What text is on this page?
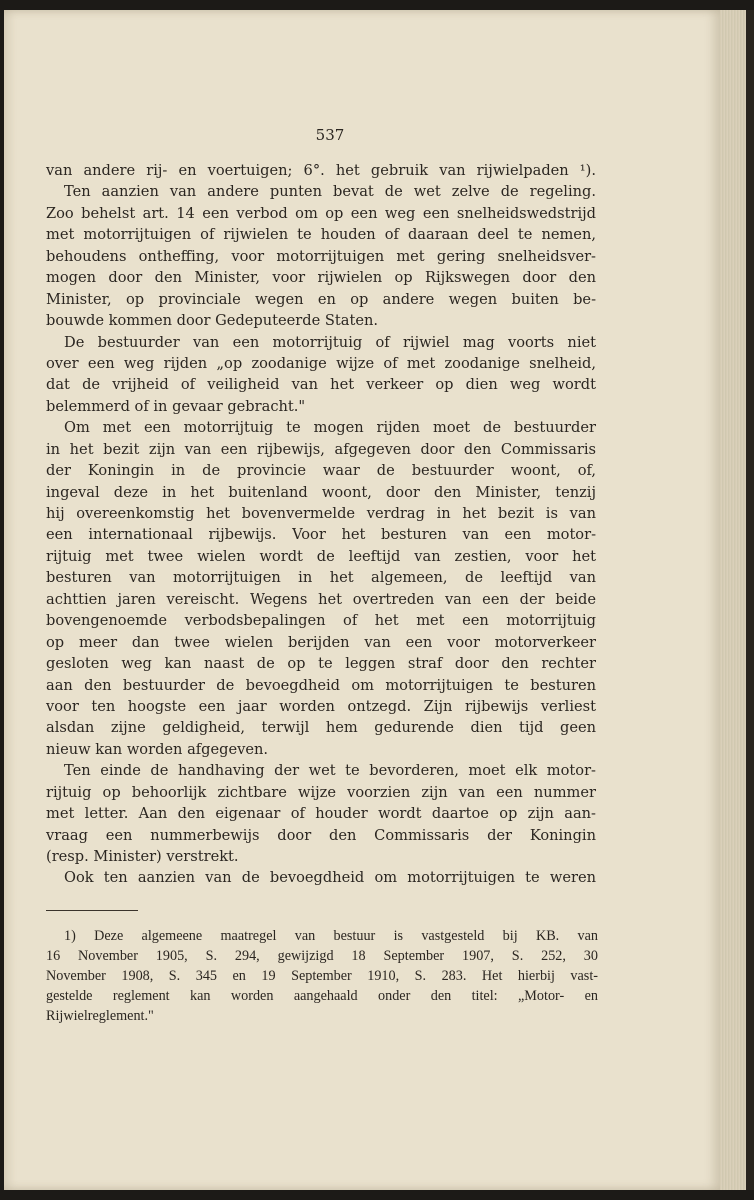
537
van andere rij- en voertuigen; 6°. het gebruik van rijwielpaden ¹).
Ten aanzien van andere punten bevat de wet zelve de regeling.
Zoo behelst art. 14 een verbod om op een weg een snelheidswedstrijd
met motorrijtuigen of rijwielen te houden of daaraan deel te nemen,
behoudens ontheffing, voor motorrijtuigen met gering snelheidsver-
mogen door den Minister, voor rijwielen op Rijkswegen door den
Minister, op provinciale wegen en op andere wegen buiten be-
bouwde kommen door Gedeputeerde Staten.
De bestuurder van een motorrijtuig of rijwiel mag voorts niet
over een weg rijden „op zoodanige wijze of met zoodanige snelheid,
dat de vrijheid of veiligheid van het verkeer op dien weg wordt
belemmerd of in gevaar gebracht."
Om met een motorrijtuig te mogen rijden moet de bestuurder
in het bezit zijn van een rijbewijs, afgegeven door den Commissaris
der Koningin in de provincie waar de bestuurder woont, of,
ingeval deze in het buitenland woont, door den Minister, tenzij
hij overeenkomstig het bovenvermelde verdrag in het bezit is van
een internationaal rijbewijs. Voor het besturen van een motor-
rijtuig met twee wielen wordt de leeftijd van zestien, voor het
besturen van motorrijtuigen in het algemeen, de leeftijd van
achttien jaren vereischt. Wegens het overtreden van een der beide
bovengenoemde verbodsbepalingen of het met een motorrijtuig
op meer dan twee wielen berijden van een voor motorverkeer
gesloten weg kan naast de op te leggen straf door den rechter
aan den bestuurder de bevoegdheid om motorrijtuigen te besturen
voor ten hoogste een jaar worden ontzegd. Zijn rijbewijs verliest
alsdan zijne geldigheid, terwijl hem gedurende dien tijd geen
nieuw kan worden afgegeven.
Ten einde de handhaving der wet te bevorderen, moet elk motor-
rijtuig op behoorlijk zichtbare wijze voorzien zijn van een nummer
met letter. Aan den eigenaar of houder wordt daartoe op zijn aan-
vraag een nummerbewijs door den Commissaris der Koningin
(resp. Minister) verstrekt.
Ook ten aanzien van de bevoegdheid om motorrijtuigen te weren
1) Deze algemeene maatregel van bestuur is vastgesteld bij KB. van
16 November 1905, S. 294, gewijzigd 18 September 1907, S. 252, 30
November 1908, S. 345 en 19 September 1910, S. 283. Het hierbij vast-
gestelde reglement kan worden aangehaald onder den titel: „Motor- en
Rijwielreglement."
